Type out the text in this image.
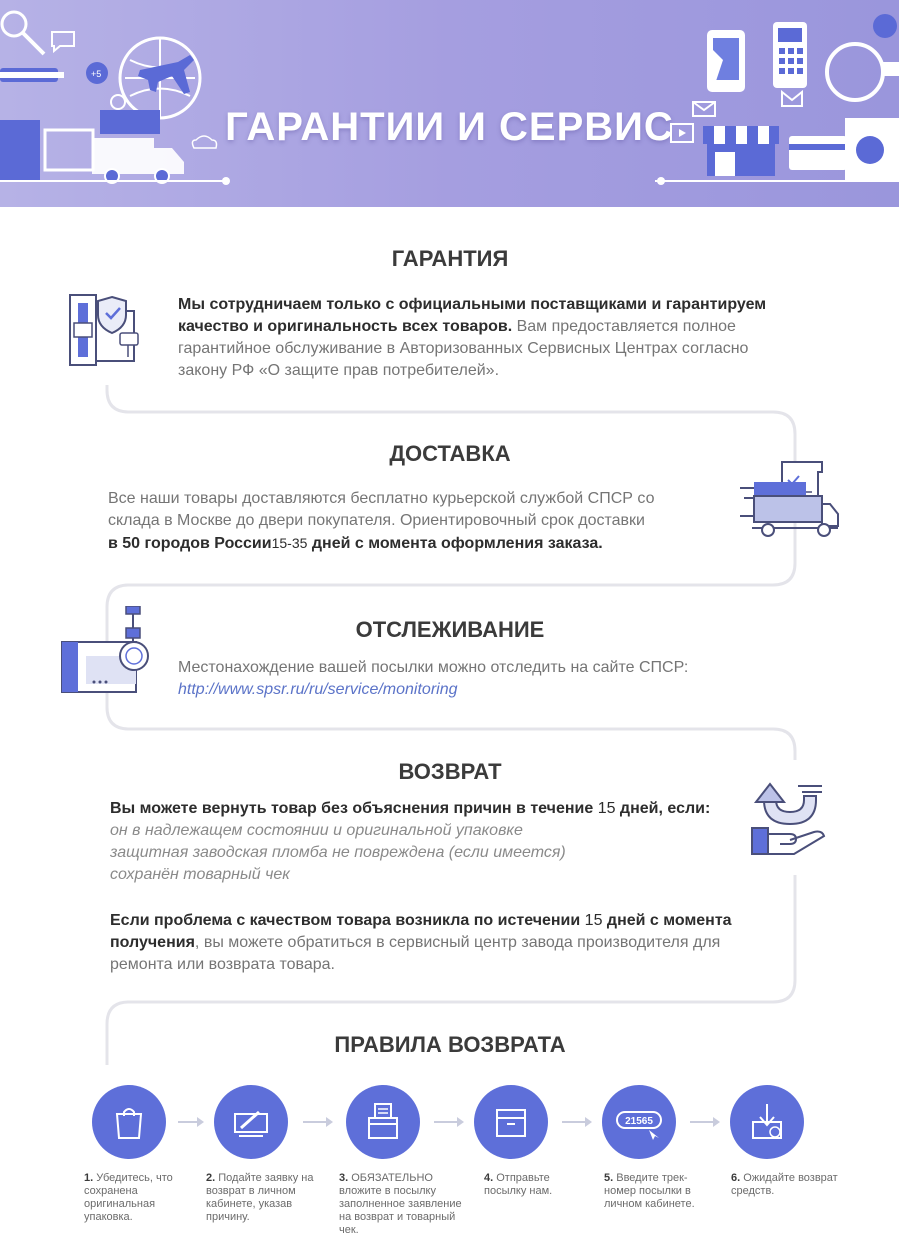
+5
ГАРАНТИИ И СЕРВИС
ГАРАНТИЯ
Мы сотрудничаем только с официальными поставщиками и гарантируем качество и оригинальность всех товаров. Вам предоставляется полное гарантийное обслуживание в Авторизованных Сервисных Центрах согласно закону РФ «О защите прав потребителей».
ДОСТАВКА
Все наши товары доставляются бесплатно курьерской службой СПСР со склада в Москве до двери покупателя. Ориентировочный срок доставки
в 50 городов России15-35 дней с момента оформления заказа.
ОТСЛЕЖИВАНИЕ
Местонахождение вашей посылки можно отследить на сайте СПСР:
http://www.spsr.ru/ru/service/monitoring
ВОЗВРАТ
Вы можете вернуть товар без объяснения причин в течение 15 дней, если:
он в надлежащем состоянии и оригинальной упаковке
защитная заводская пломба не повреждена (если имеется)
сохранён товарный чек
Если проблема с качеством товара возникла по истечении 15 дней с момента получения, вы можете обратиться в сервисный центр завода производителя для ремонта или возврата товара.
ПРАВИЛА ВОЗВРАТА
21565
1. Убедитесь, что сохранена оригинальная упаковка.
2. Подайте заявку на возврат в личном кабинете, указав причину.
3. ОБЯЗАТЕЛЬНО вложите в посылку заполненное заявление на возврат и товарный чек.
4. Отправьте посылку нам.
5. Введите трек-номер посылки в личном кабинете.
6. Ожидайте возврат средств.
